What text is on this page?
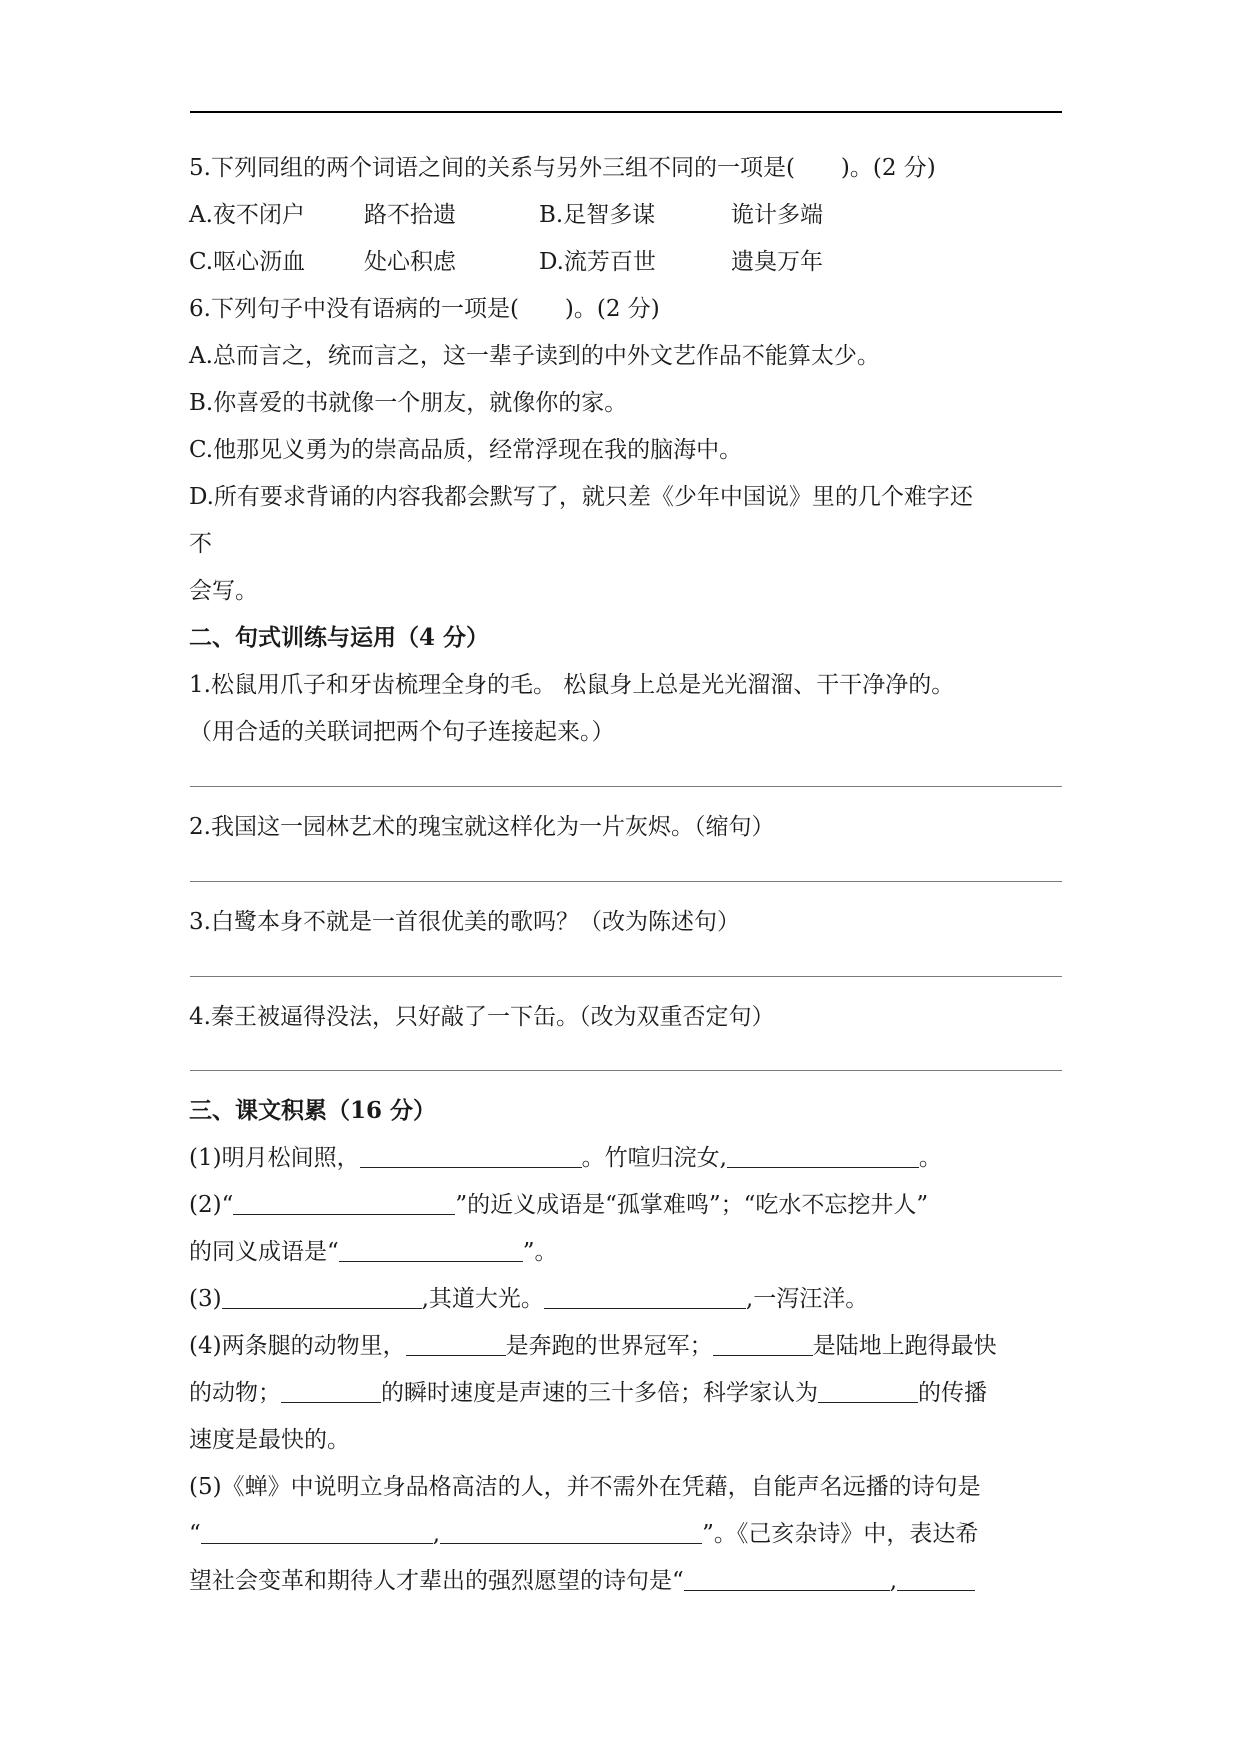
5.下列同组的两个词语之间的关系与另外三组不同的一项是(　　)。(2 分)
A.夜不闭户	路不拾遗	B.足智多谋	诡计多端
C.呕心沥血	处心积虑	D.流芳百世	遗臭万年
6.下列句子中没有语病的一项是(　　)。(2 分)
A.总而言之，统而言之，这一辈子读到的中外文艺作品不能算太少。
B.你喜爱的书就像一个朋友，就像你的家。
C.他那见义勇为的崇高品质，经常浮现在我的脑海中。
D.所有要求背诵的内容我都会默写了，就只差《少年中国说》里的几个难字还
不
会写。
二、句式训练与运用（4 分）
1.松鼠用爪子和牙齿梳理全身的毛。 松鼠身上总是光光溜溜、干干净净的。
（用合适的关联词把两个句子连接起来。）
2.我国这一园林艺术的瑰宝就这样化为一片灰烬。（缩句）
3.白鹭本身不就是一首很优美的歌吗？（改为陈述句）
4.秦王被逼得没法，只好敲了一下缶。（改为双重否定句）
三、课文积累（16 分）
(1)明月松间照，	。竹喧归浣女,	。
(2)“	”的近义成语是“孤掌难鸣”；“吃水不忘挖井人”
的同义成语是“	”。
(3)	,其道大光。	,一泻汪洋。
(4)两条腿的动物里，	是奔跑的世界冠军；	是陆地上跑得最快
的动物；	的瞬时速度是声速的三十多倍；科学家认为	的传播
速度是最快的。
(5)《蝉》中说明立身品格高洁的人，并不需外在凭藉，自能声名远播的诗句是
“	,	”。《己亥杂诗》中，表达希
望社会变革和期待人才辈出的强烈愿望的诗句是“	,
